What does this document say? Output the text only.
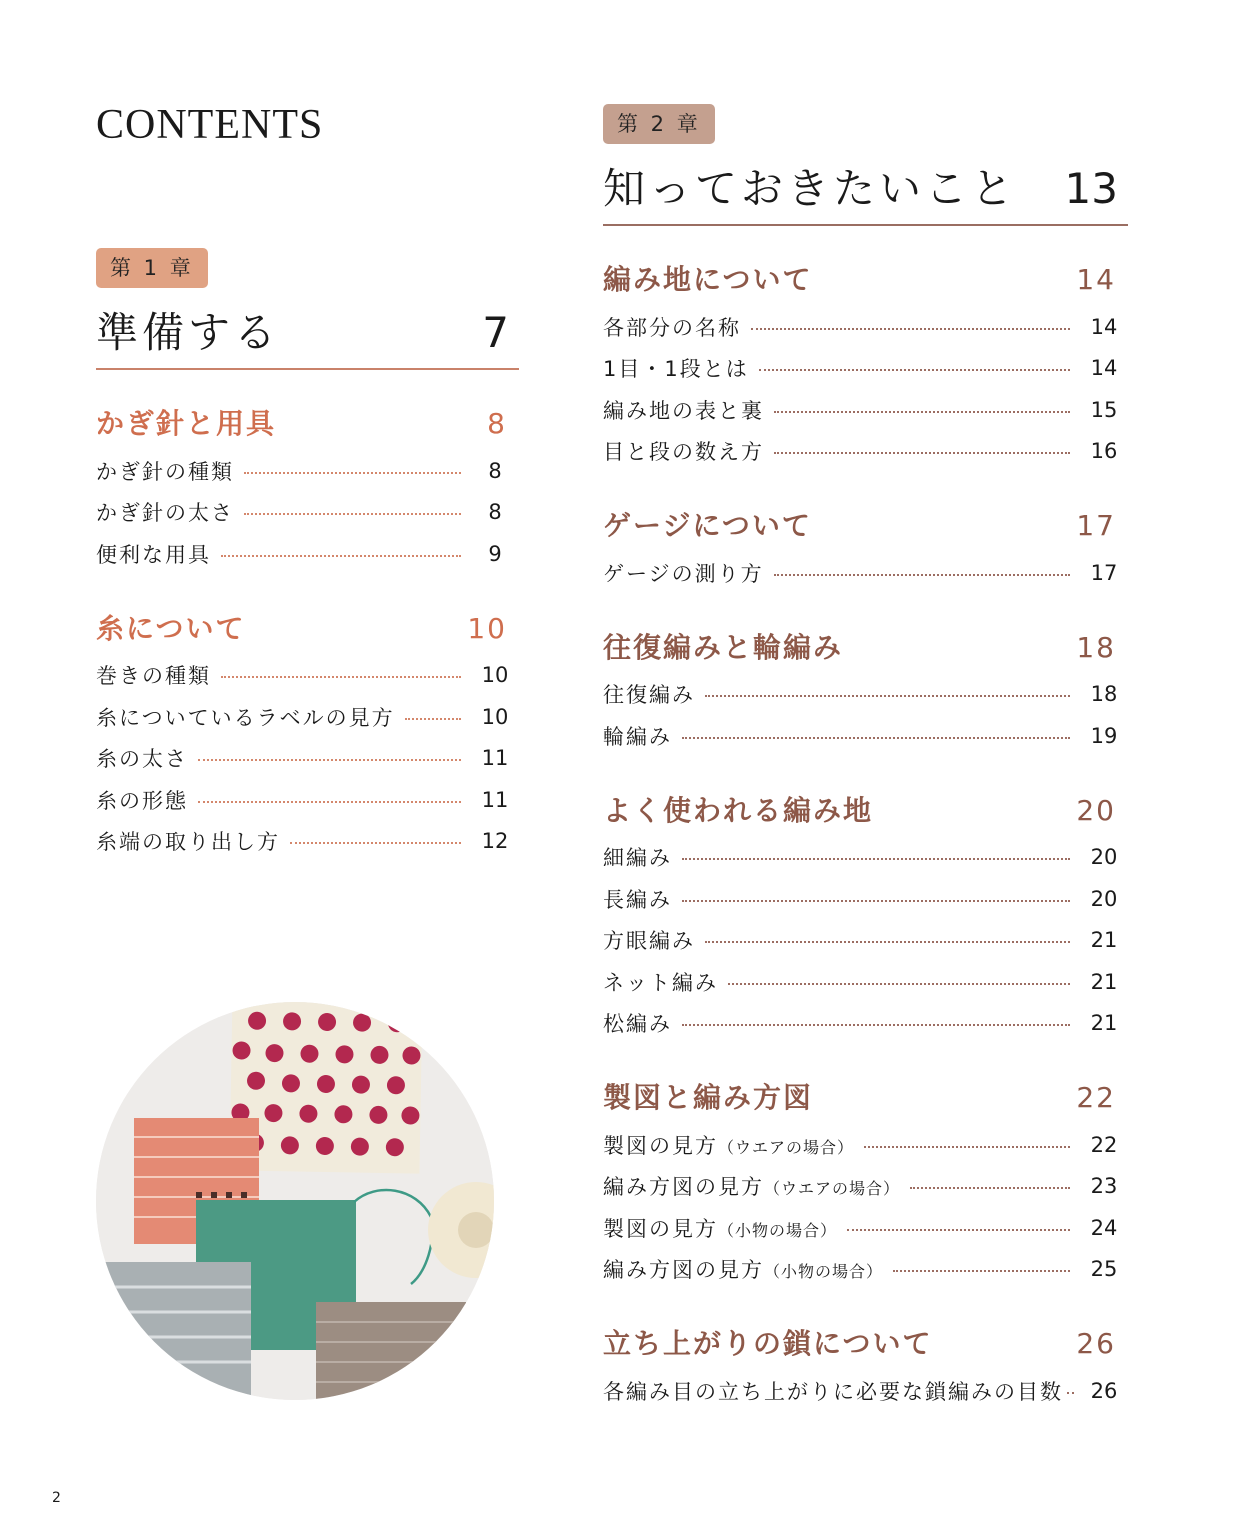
CONTENTS
第 1 章
準備する	7
かぎ針と用具	8
かぎ針の種類	8
かぎ針の太さ	8
便利な用具	9
糸について	10
巻きの種類	10
糸についているラベルの見方	10
糸の太さ	11
糸の形態	11
糸端の取り出し方	12
第 2 章
知っておきたいこと 13
編み地について	14
各部分の名称	14
1目・1段とは	14
編み地の表と裏	15
目と段の数え方	16
ゲージについて	17
ゲージの測り方	17
往復編みと輪編み	18
往復編み	18
輪編み	19
よく使われる編み地	20
細編み	20
長編み	20
方眼編み	21
ネット編み	21
松編み	21
製図と編み方図	22
製図の見方（ウエアの場合）	22
編み方図の見方（ウエアの場合）	23
製図の見方（小物の場合）	24
編み方図の見方（小物の場合）	25
立ち上がりの鎖について	26
各編み目の立ち上がりに必要な鎖編みの目数	26
2
